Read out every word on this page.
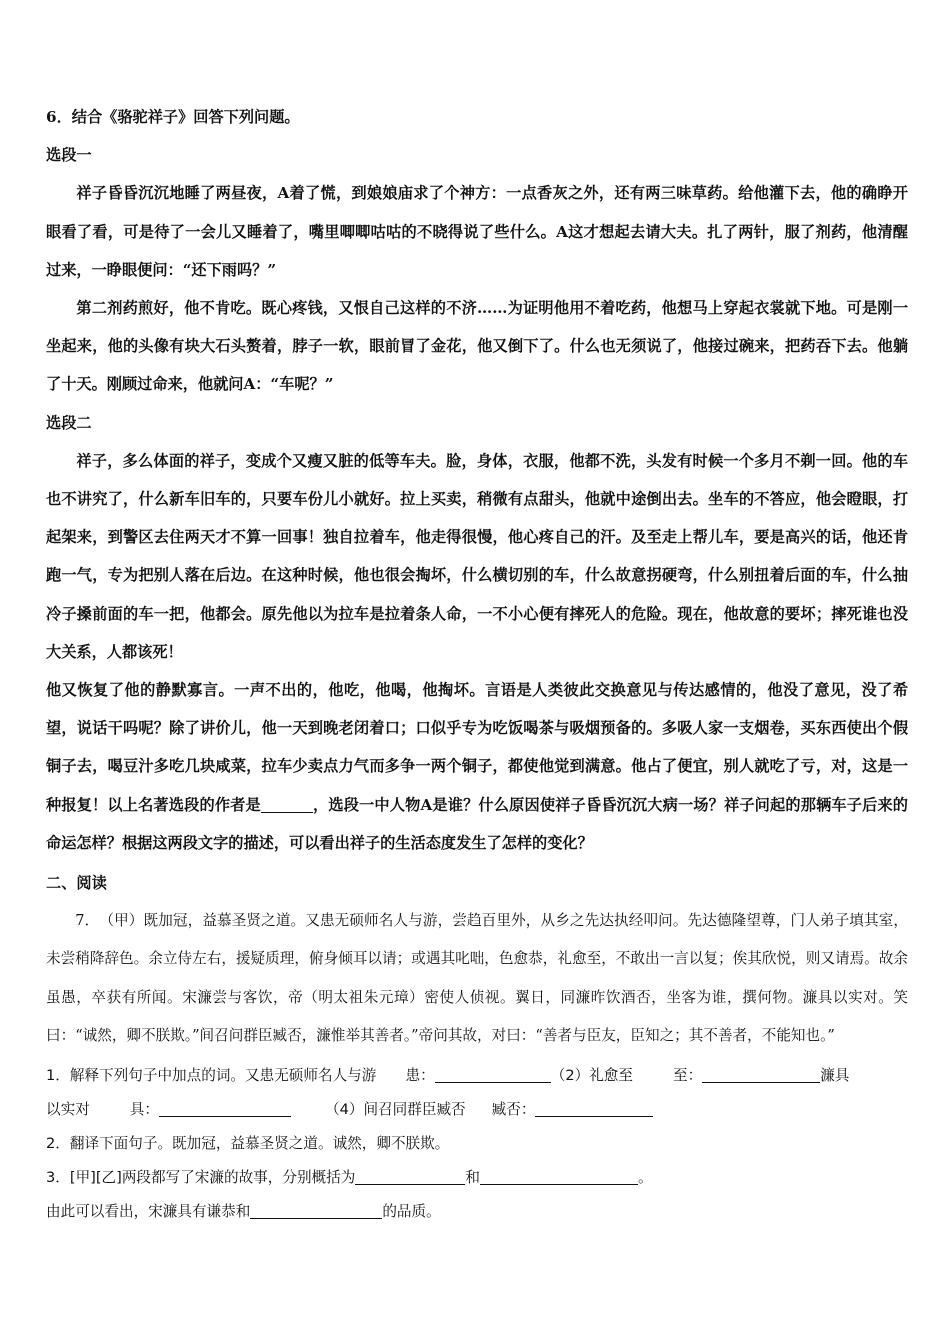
6．结合《骆驼祥子》回答下列问题。

选段一

祥子昏昏沉沉地睡了两昼夜，A着了慌，到娘娘庙求了个神方：一点香灰之外，还有两三味草药。给他灌下去，他的确睁开眼看了看，可是待了一会儿又睡着了，嘴里唧唧咕咕的不晓得说了些什么。A这才想起去请大夫。扎了两针，服了剂药，他清醒过来，一睁眼便问：“还下雨吗？”

第二剂药煎好，他不肯吃。既心疼钱，又恨自己这样的不济……为证明他用不着吃药，他想马上穿起衣裳就下地。可是刚一坐起来，他的头像有块大石头赘着，脖子一软，眼前冒了金花，他又倒下了。什么也无须说了，他接过碗来，把药吞下去。他躺了十天。刚顾过命来，他就问A：“车呢？”

选段二

祥子，多么体面的祥子，变成个又瘦又脏的低等车夫。脸，身体，衣服，他都不洗，头发有时候一个多月不剃一回。他的车也不讲究了，什么新车旧车的，只要车份儿小就好。拉上买卖，稍微有点甜头，他就中途倒出去。坐车的不答应，他会瞪眼，打起架来，到警区去住两天才不算一回事！独自拉着车，他走得很慢，他心疼自己的汗。及至走上帮儿车，要是高兴的话，他还肯跑一气，专为把别人落在后边。在这种时候，他也很会掏坏，什么横切别的车，什么故意拐硬弯，什么别扭着后面的车，什么抽冷子搡前面的车一把，他都会。原先他以为拉车是拉着条人命，一不小心便有摔死人的危险。现在，他故意的要坏；摔死谁也没大关系，人都该死！

他又恢复了他的静默寡言。一声不出的，他吃，他喝，他掏坏。言语是人类彼此交换意见与传达感情的，他没了意见，没了希望，说话干吗呢？除了讲价儿，他一天到晚老闭着口；口似乎专为吃饭喝茶与吸烟预备的。多吸人家一支烟卷，买东西使出个假铜子去，喝豆汁多吃几块咸菜，拉车少卖点力气而多争一两个铜子，都使他觉到满意。他占了便宜，别人就吃了亏，对，这是一种报复！以上名著选段的作者是	，选段一中人物A是谁？什么原因使祥子昏昏沉沉大病一场？祥子问起的那辆车子后来的命运怎样？根据这两段文字的描述，可以看出祥子的生活态度发生了怎样的变化？

二、阅读

7．　（甲）既加冠，益慕圣贤之道。又患无硕师名人与游，尝趋百里外，从乡之先达执经叩问。先达德隆望尊，门人弟子填其室，未尝稍降辞色。余立侍左右，援疑质理，俯身倾耳以请；或遇其叱咄，色愈恭，礼愈至，不敢出一言以复；俟其欣悦，则又请焉。故余虽愚，卒获有所闻。宋濂尝与客饮，帝（明太祖朱元璋）密使人侦视。翼日，同濂昨饮酒否，坐客为谁，撰何物。濂具以实对。笑曰：“诚然，卿不朕欺。”间召问群臣臧否，濂惟举其善者。”帝问其故，对曰：“善者与臣友，臣知之；其不善者，不能知也。”

1．解释下列句子中加点的词。又患无硕师名人与游　　患：	（2）礼愈至	至：	濂具

以实对	具：	（4）间召同群臣臧否 臧否：

2．翻译下面句子。既加冠，益慕圣贤之道。诚然，卿不朕欺。

3．[甲][乙]两段都写了宋濂的故事，分别概括为	和	。

由此可以看出，宋濂具有谦恭和	的品质。
